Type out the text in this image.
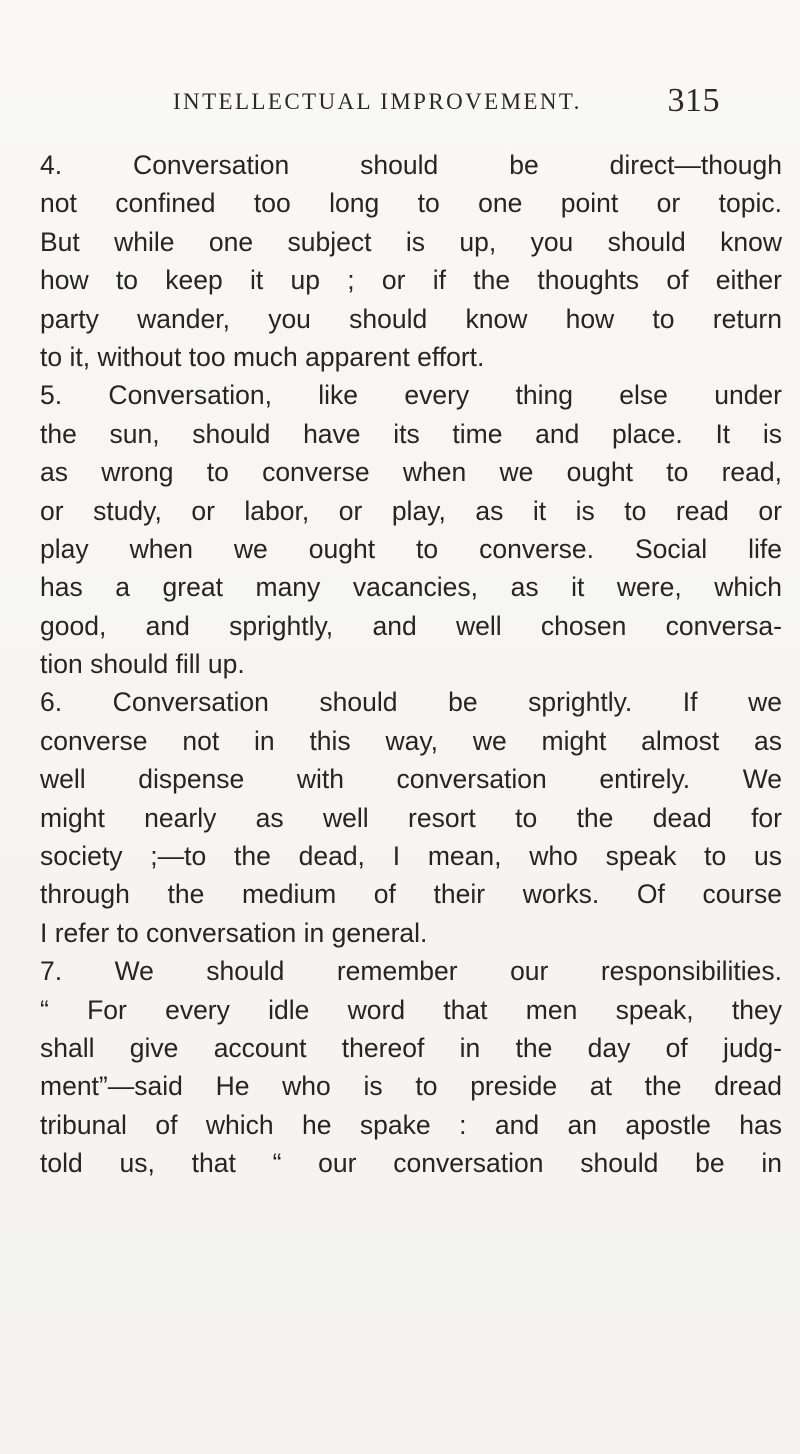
INTELLECTUAL IMPROVEMENT.	315
4. Conversation should be direct—though
not confined too long to one point or topic.
But while one subject is up, you should know
how to keep it up ; or if the thoughts of either
party wander, you should know how to return
to it, without too much apparent effort.
5. Conversation, like every thing else under
the sun, should have its time and place. It is
as wrong to converse when we ought to read,
or study, or labor, or play, as it is to read or
play when we ought to converse. Social life
has a great many vacancies, as it were, which
good, and sprightly, and well chosen conversa-
tion should fill up.
6. Conversation should be sprightly. If we
converse not in this way, we might almost as
well dispense with conversation entirely. We
might nearly as well resort to the dead for
society ;—to the dead, I mean, who speak to us
through the medium of their works. Of course
I refer to conversation in general.
7. We should remember our responsibilities.
“ For every idle word that men speak, they
shall give account thereof in the day of judg-
ment”—said He who is to preside at the dread
tribunal of which he spake : and an apostle has
told us, that “ our conversation should be in
